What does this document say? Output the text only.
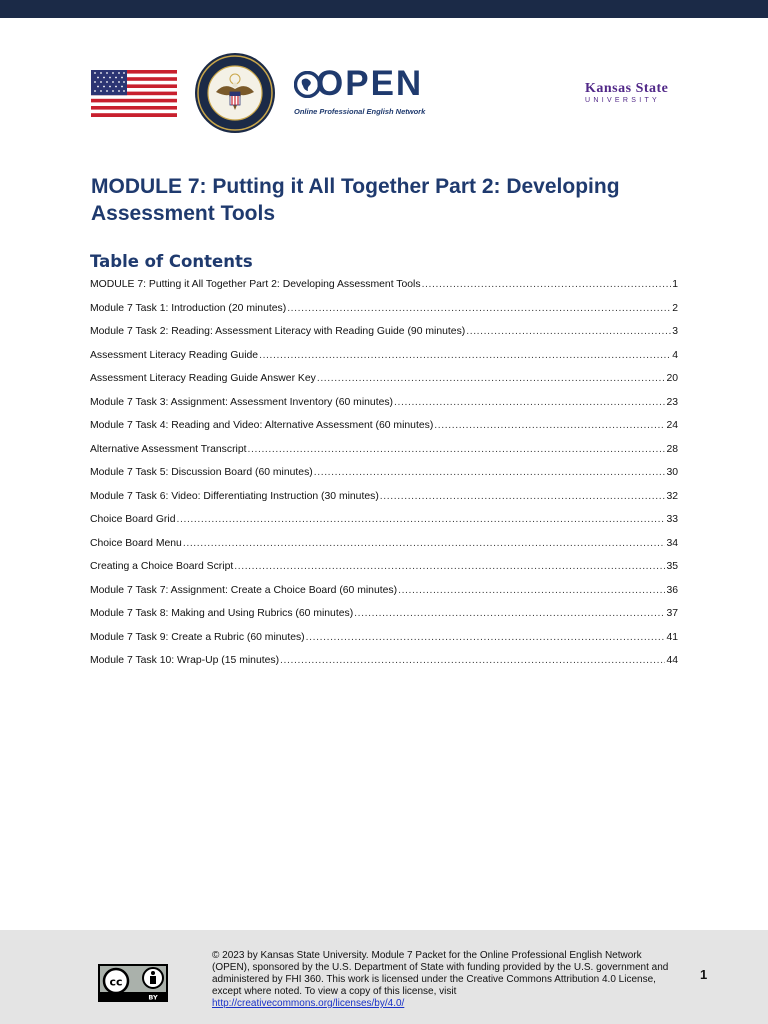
OPEN
Online Professional English Network
Kansas State
UNIVERSITY
MODULE 7: Putting it All Together Part 2: Developing Assessment Tools
Table of Contents
MODULE 7: Putting it All Together Part 2: Developing Assessment Tools .....	1
Module 7 Task 1: Introduction (20 minutes) .....	2
Module 7 Task 2: Reading: Assessment Literacy with Reading Guide (90 minutes) .....	3
Assessment Literacy Reading Guide .....	4
Assessment Literacy Reading Guide Answer Key .....	20
Module 7 Task 3: Assignment: Assessment Inventory (60 minutes) .....	23
Module 7 Task 4: Reading and Video: Alternative Assessment (60 minutes) .....	24
Alternative Assessment Transcript .....	28
Module 7 Task 5: Discussion Board (60 minutes) .....	30
Module 7 Task 6: Video: Differentiating Instruction (30 minutes) .....	32
Choice Board Grid .....	33
Choice Board Menu .....	34
Creating a Choice Board Script .....	35
Module 7 Task 7: Assignment: Create a Choice Board (60 minutes) .....	36
Module 7 Task 8: Making and Using Rubrics (60 minutes) .....	37
Module 7 Task 9: Create a Rubric (60 minutes) .....	41
Module 7 Task 10: Wrap-Up (15 minutes) .....	44
cc
BY
© 2023 by Kansas State University. Module 7 Packet for the Online Professional English Network (OPEN), sponsored by the U.S. Department of State with funding provided by the U.S. government and administered by FHI 360. This work is licensed under the Creative Commons Attribution 4.0 License, except where noted. To view a copy of this license, visit
http://creativecommons.org/licenses/by/4.0/
1
